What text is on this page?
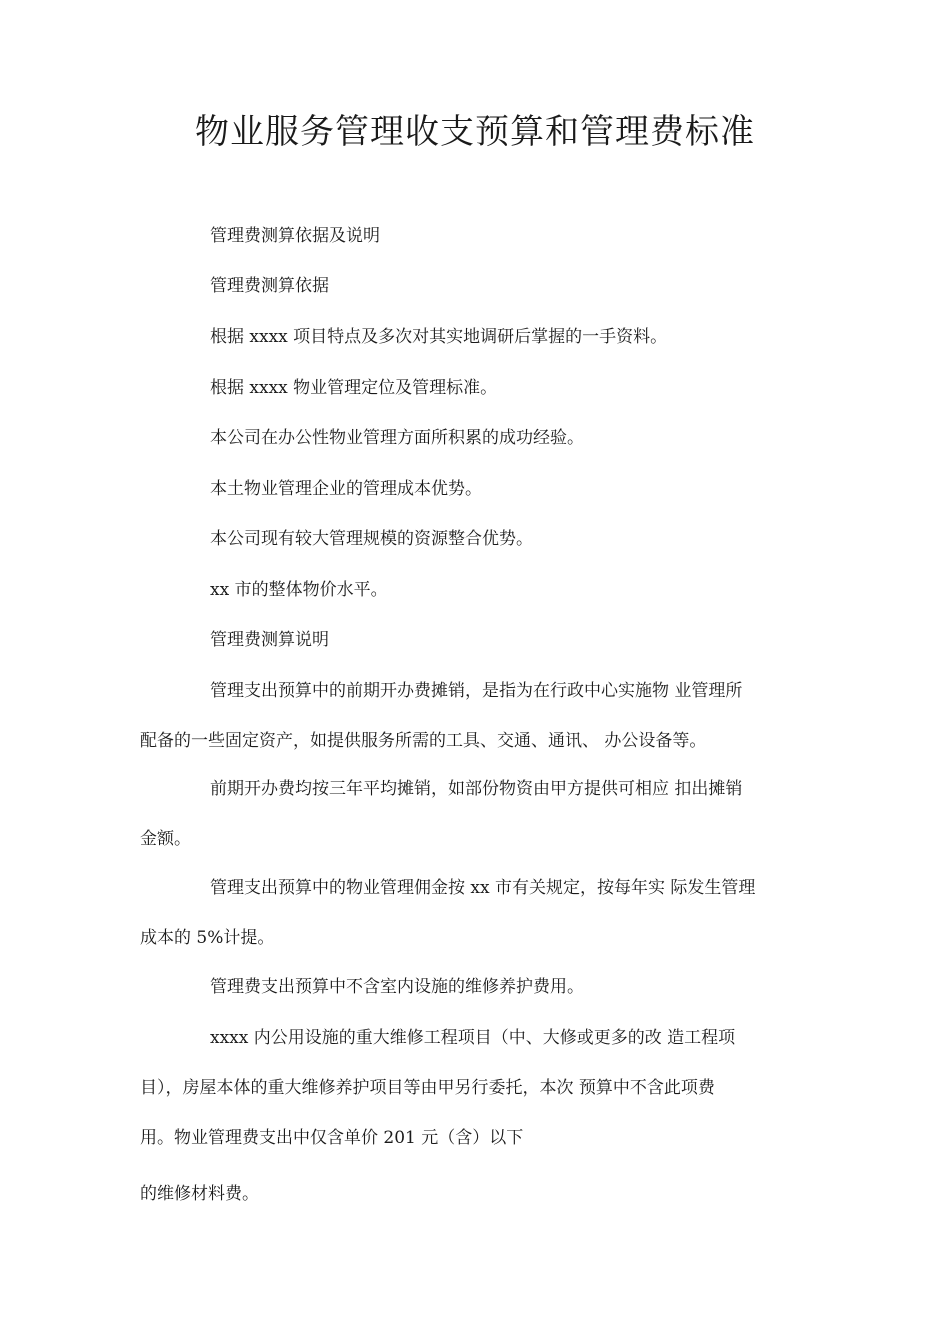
物业服务管理收支预算和管理费标准

管理费测算依据及说明

管理费测算依据

根据 xxxx 项目特点及多次对其实地调研后掌握的一手资料。

根据 xxxx 物业管理定位及管理标准。

本公司在办公性物业管理方面所积累的成功经验。

本土物业管理企业的管理成本优势。

本公司现有较大管理规模的资源整合优势。

xx 市的整体物价水平。

管理费测算说明

管理支出预算中的前期开办费摊销，是指为在行政中心实施物 业管理所

配备的一些固定资产，如提供服务所需的工具、交通、通讯、 办公设备等。

前期开办费均按三年平均摊销，如部份物资由甲方提供可相应 扣出摊销

金额。

管理支出预算中的物业管理佣金按 xx 市有关规定，按每年实 际发生管理

成本的 5%计提。

管理费支出预算中不含室内设施的维修养护费用。

xxxx 内公用设施的重大维修工程项目（中、大修或更多的改 造工程项

目），房屋本体的重大维修养护项目等由甲另行委托，本次 预算中不含此项费

用。物业管理费支出中仅含单价 201 元（含）以下

的维修材料费。
